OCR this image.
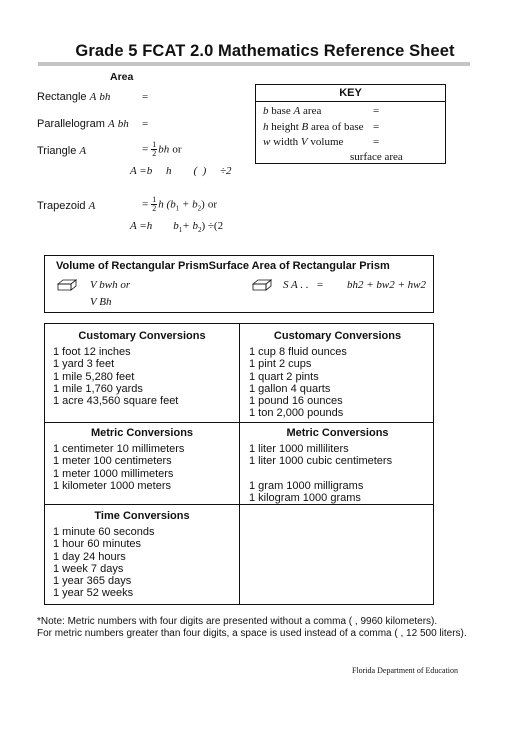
Grade 5 FCAT 2.0 Mathematics Reference Sheet
Area
Rectangle A bh	=
Parallelogram A bh =
Triangle A	= $\frac{1}{2}$ bh or
A =b     h        (  )     ÷2
Trapezoid A	= $\frac{1}{2}$ h $(b_1 + b_2)$ or
A =h $b_1+ b_2) \div(2$
KEY
b base A area	=
h height B area of base =
w width V volume	=
surface area
Volume of Rectangular PrismSurface Area of Rectangular Prism
V bwh or
V Bh
S A . . = bh2 + bw2 + hw2
Customary Conversions
1 foot 12 inches
1 yard 3 feet
1 mile 5,280 feet
1 mile 1,760 yards
1 acre 43,560 square feet
Customary Conversions
1 cup 8 fluid ounces
1 pint 2 cups
1 quart 2 pints
1 gallon 4 quarts
1 pound 16 ounces
1 ton 2,000 pounds
Metric Conversions
1 centimeter 10 millimeters
1 meter 100 centimeters
1 meter 1000 millimeters
1 kilometer 1000 meters
Metric Conversions
1 liter 1000 milliliters
1 liter 1000 cubic centimeters
1 gram 1000 milligrams
1 kilogram 1000 grams
Time Conversions
1 minute 60 seconds
1 hour 60 minutes
1 day 24 hours
1 week 7 days
1 year 365 days
1 year 52 weeks
*Note: Metric numbers with four digits are presented without a comma ( , 9960 kilometers).
For metric numbers greater than four digits, a space is used instead of a comma ( , 12 500 liters).
Florida Department of Education
